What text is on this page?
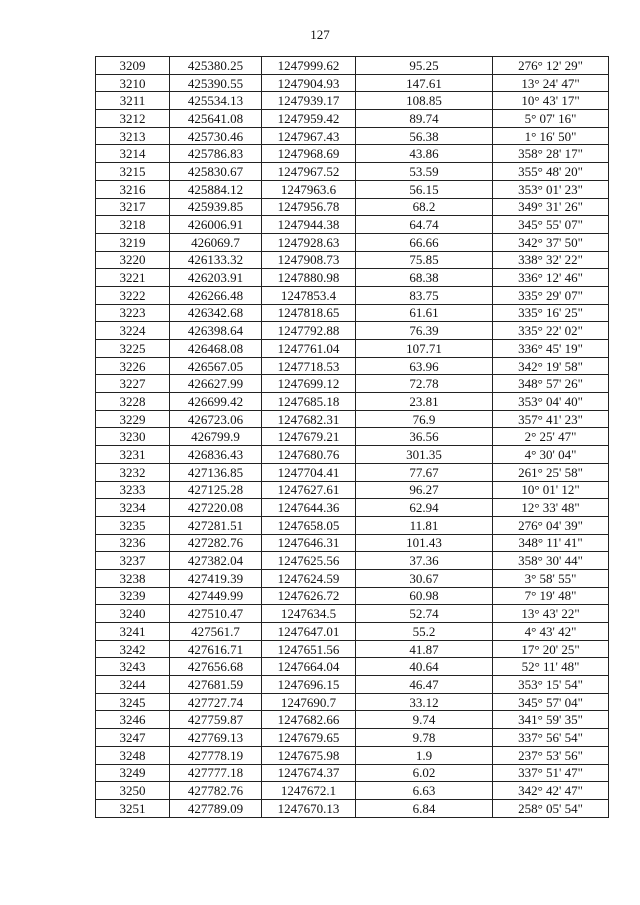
127
3209	425380.25	1247999.62	95.25	276° 12' 29"
3210	425390.55	1247904.93	147.61	13° 24' 47"
3211	425534.13	1247939.17	108.85	10° 43' 17"
3212	425641.08	1247959.42	89.74	5° 07' 16"
3213	425730.46	1247967.43	56.38	1° 16' 50"
3214	425786.83	1247968.69	43.86	358° 28' 17"
3215	425830.67	1247967.52	53.59	355° 48' 20"
3216	425884.12	1247963.6	56.15	353° 01' 23"
3217	425939.85	1247956.78	68.2	349° 31' 26"
3218	426006.91	1247944.38	64.74	345° 55' 07"
3219	426069.7	1247928.63	66.66	342° 37' 50"
3220	426133.32	1247908.73	75.85	338° 32' 22"
3221	426203.91	1247880.98	68.38	336° 12' 46"
3222	426266.48	1247853.4	83.75	335° 29' 07"
3223	426342.68	1247818.65	61.61	335° 16' 25"
3224	426398.64	1247792.88	76.39	335° 22' 02"
3225	426468.08	1247761.04	107.71	336° 45' 19"
3226	426567.05	1247718.53	63.96	342° 19' 58"
3227	426627.99	1247699.12	72.78	348° 57' 26"
3228	426699.42	1247685.18	23.81	353° 04' 40"
3229	426723.06	1247682.31	76.9	357° 41' 23"
3230	426799.9	1247679.21	36.56	2° 25' 47"
3231	426836.43	1247680.76	301.35	4° 30' 04"
3232	427136.85	1247704.41	77.67	261° 25' 58"
3233	427125.28	1247627.61	96.27	10° 01' 12"
3234	427220.08	1247644.36	62.94	12° 33' 48"
3235	427281.51	1247658.05	11.81	276° 04' 39"
3236	427282.76	1247646.31	101.43	348° 11' 41"
3237	427382.04	1247625.56	37.36	358° 30' 44"
3238	427419.39	1247624.59	30.67	3° 58' 55"
3239	427449.99	1247626.72	60.98	7° 19' 48"
3240	427510.47	1247634.5	52.74	13° 43' 22"
3241	427561.7	1247647.01	55.2	4° 43' 42"
3242	427616.71	1247651.56	41.87	17° 20' 25"
3243	427656.68	1247664.04	40.64	52° 11' 48"
3244	427681.59	1247696.15	46.47	353° 15' 54"
3245	427727.74	1247690.7	33.12	345° 57' 04"
3246	427759.87	1247682.66	9.74	341° 59' 35"
3247	427769.13	1247679.65	9.78	337° 56' 54"
3248	427778.19	1247675.98	1.9	237° 53' 56"
3249	427777.18	1247674.37	6.02	337° 51' 47"
3250	427782.76	1247672.1	6.63	342° 42' 47"
3251	427789.09	1247670.13	6.84	258° 05' 54"
